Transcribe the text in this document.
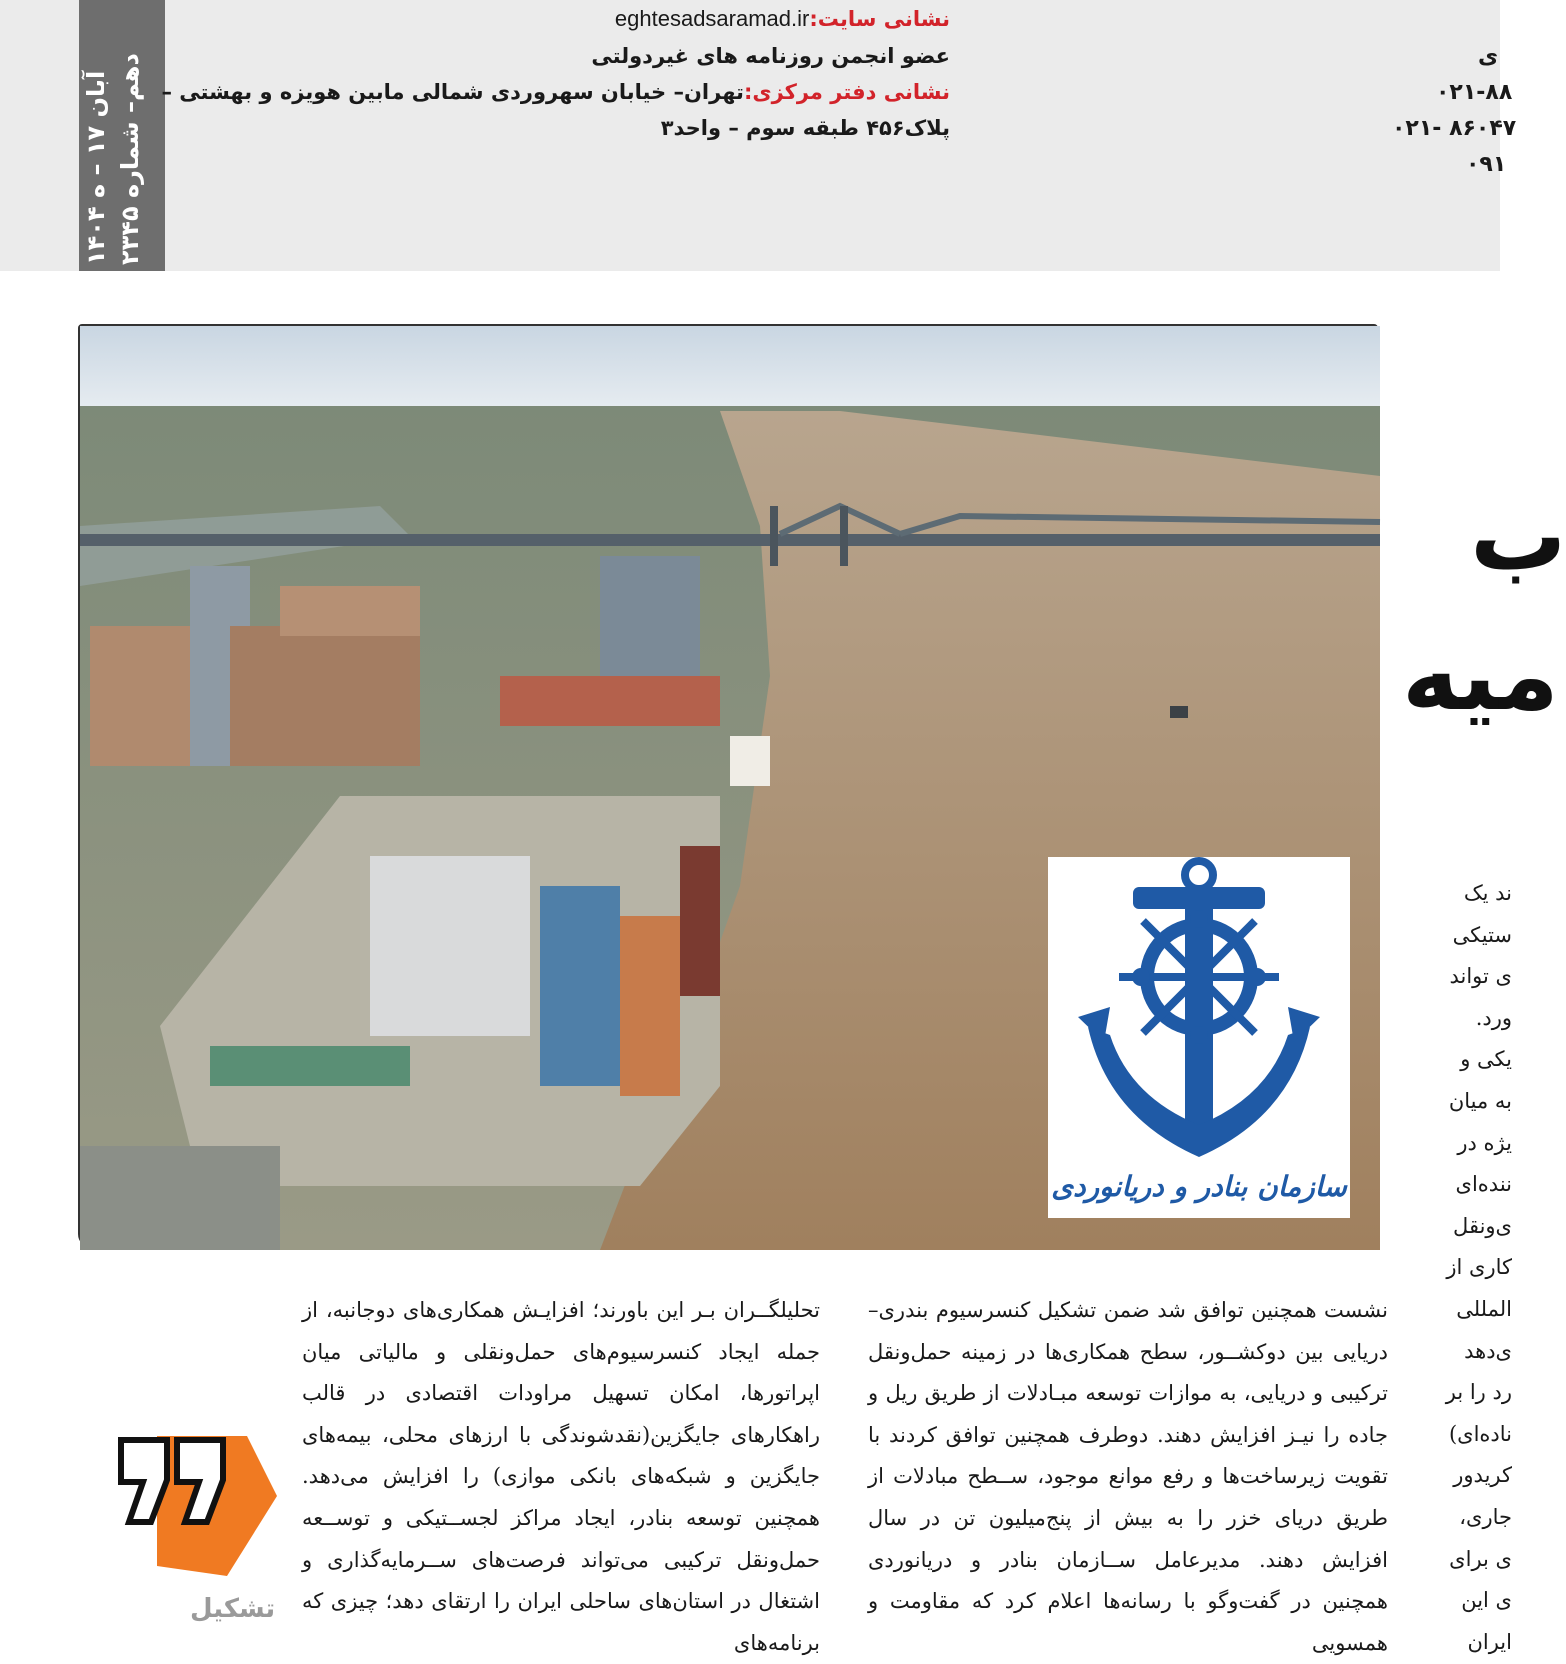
۱۴۰۴ آبان‌ ۱۷ – ‌ه
دهم– شماره ۲۳۴۵
نشانی سایت:eghtesadsaramad.ir
عضو انجمن روزنامه های غیردولتی
نشانی دفتر مرکزی:تهران– خیابان سهروردی شمالی مابین هویزه و بهشتی –
پلاک۴۵۶ طبقه سوم – واحد۳
ی
۰۲۱-۸۸
۰۲۱- ۸۶۰۴۷
۰۹۱
ب
میه
سازمان بنادر و دریانوردی
ند یک
ستیکی
ی تواند
ورد.
یکی و
به میان
یژه در
ننده‌ای
ی‌ونقل
کاری از
المللی
ی‌دهد
رد را بر
ناده‌ای)
کریدور
جاری،
ی برای
ی این
ایران

نشست همچنین توافق شد ضمن تشکیل کنسرسیوم بندری–دریایی بین دوکشــور، سطح همکاری‌ها در زمینه حمل‌ونقل ترکیبی و دریایی، به موازات توسعه مبـادلات از طریق ریل و جاده را نیـز افزایش دهند. دوطرف همچنین توافق کردند با تقویت زیرساخت‌ها و رفع موانع موجود، ســطح مبادلات از طریق دریای خزر را به بیش از پنج‌میلیون تن در سال افزایش دهند. مدیرعامل ســازمان بنادر و دریانوردی همچنین در گفت‌وگو با رسانه‌ها اعلام کرد که مقاومت و همسویی

تحلیلگــران بـر این باورند؛ افزایـش همکاری‌های دوجانبه، از جمله ایجاد کنسرسیوم‌های حمل‌ونقلی و مالیاتی میان اپراتورها، امکان تسهیل مراودات اقتصادی در قالب راهکارهای جایگزین(نقدشوندگی با ارزهای محلی، بیمه‌های جایگزین و شبکه‌های بانکی موازی) را افزایش می‌دهد. همچنین توسعه بنادر، ایجاد مراکز لجســتیکی و توســعه حمل‌ونقل ترکیبی می‌تواند فرصت‌های ســرمایه‌گذاری و اشتغال در استان‌های ساحلی ایران را ارتقای دهد؛ چیزی که برنامه‌های

تشکیل
